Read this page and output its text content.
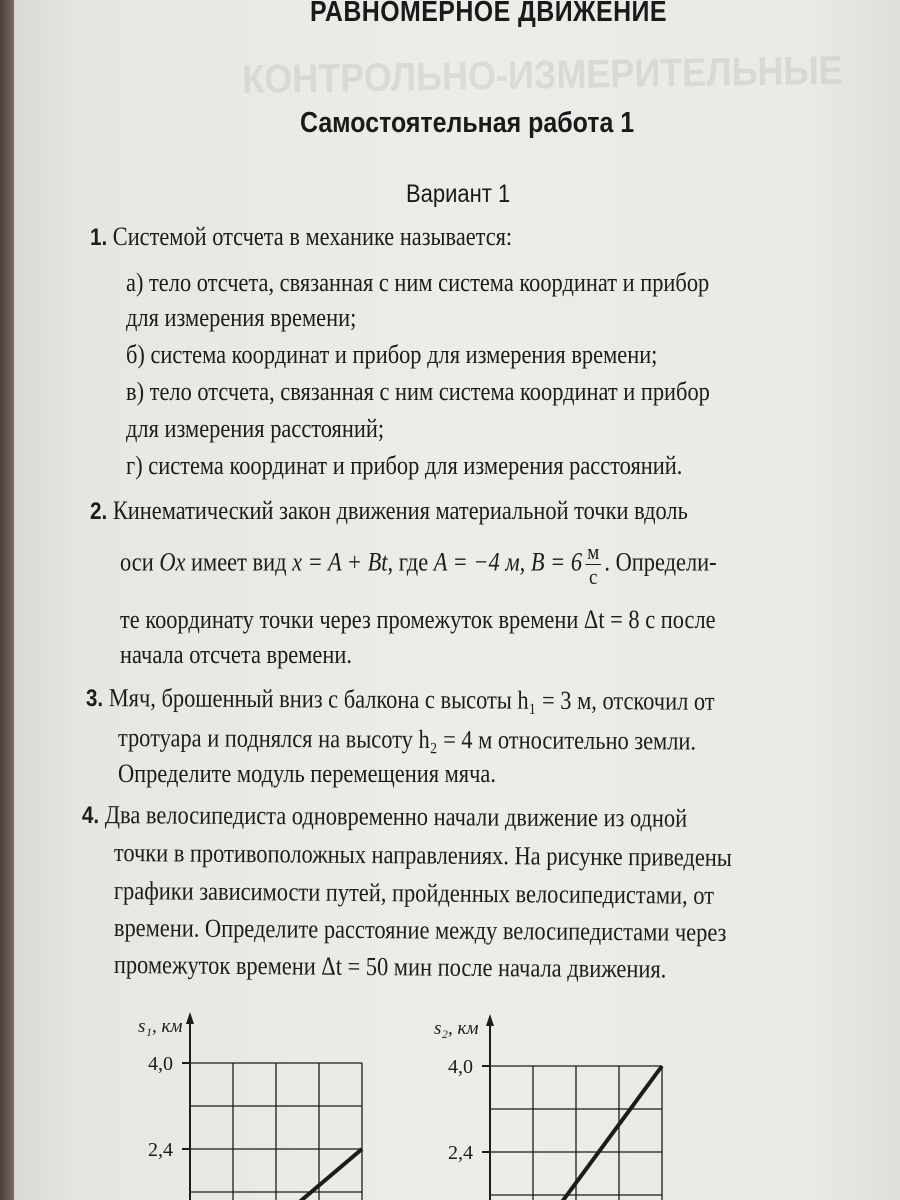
КОНТРОЛЬНО-ИЗМЕРИТЕЛЬНЫЕ
РАВНОМЕРНОЕ ДВИЖЕНИЕ
Самостоятельная работа 1
Вариант 1
1. Системой отсчета в механике называется:
а) тело отсчета, связанная с ним система координат и прибор
для измерения времени;
б) система координат и прибор для измерения времени;
в) тело отсчета, связанная с ним система координат и прибор
для измерения расстояний;
г) система координат и прибор для измерения расстояний.
2. Кинематический закон движения материальной точки вдоль
оси Ox имеет вид x = A + Bt, где A = −4 м, $B = 6 \frac{м}{с}$ . Определи-
те координату точки через промежуток времени Δt = 8 с после
начала отсчета времени.
3. Мяч, брошенный вниз с балкона с высоты h₁ = 3 м, отскочил от
тротуара и поднялся на высоту h₂ = 4 м относительно земли.
Определите модуль перемещения мяча.
4. Два велосипедиста одновременно начали движение из одной
точки в противоположных направлениях. На рисунке приведены
графики зависимости путей, пройденных велосипедистами, от
времени. Определите расстояние между велосипедистами через
промежуток времени Δt = 50 мин после начала движения.
s₁, км
4,0
2,4
s₂, км
4,0
2,4
